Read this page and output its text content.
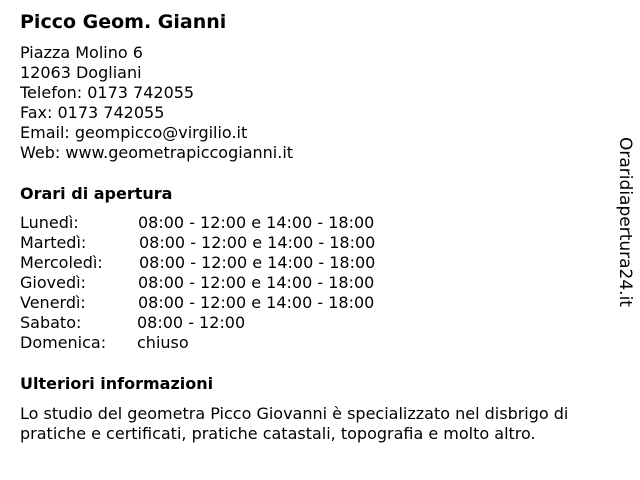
Picco Geom. Gianni
Piazza Molino 6
12063 Dogliani
Telefon: 0173 742055
Fax: 0173 742055
Email: geompicco@virgilio.it
Web: www.geometrapiccogianni.it
Orari di apertura
Lunedì:	08:00 - 12:00 e 14:00 - 18:00
Martedì:	08:00 - 12:00 e 14:00 - 18:00
Mercoledì: 08:00 - 12:00 e 14:00 - 18:00
Giovedì:	08:00 - 12:00 e 14:00 - 18:00
Venerdì:	08:00 - 12:00 e 14:00 - 18:00
Sabato:	08:00 - 12:00
Domenica: chiuso
Ulteriori informazioni
Lo studio del geometra Picco Giovanni è specializzato nel disbrigo di pratiche e certificati, pratiche catastali, topografia e molto altro.
Oraridiapertura24.it
